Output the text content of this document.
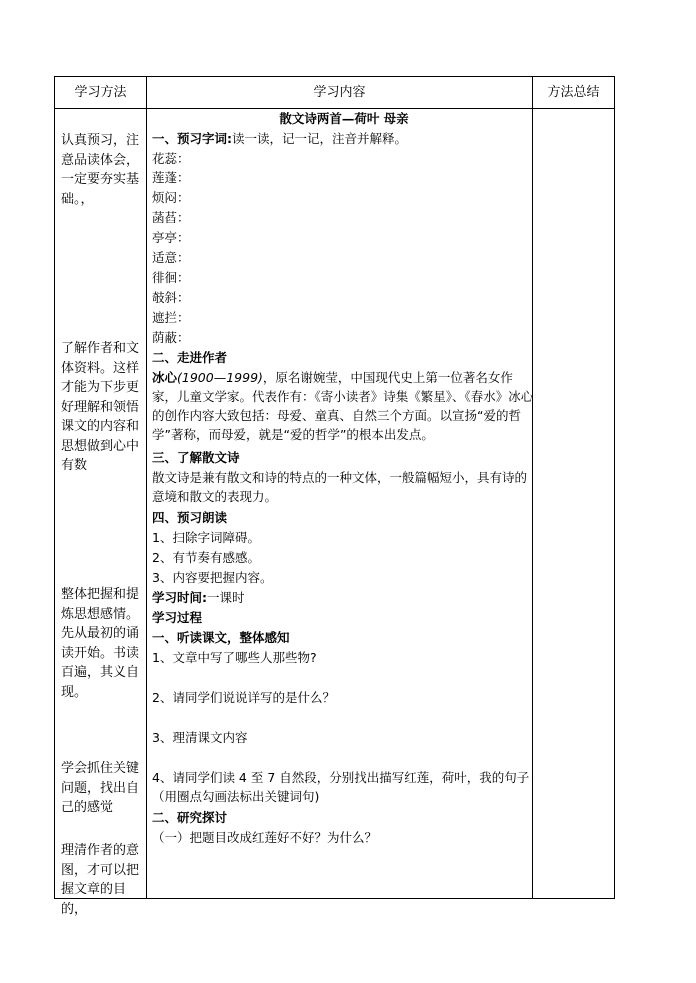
学习方法	学习内容	方法总结

认真预习，注意品读体会，一定要夯实基础。，

了解作者和文体资料。这样才能为下步更好理解和领悟课文的内容和思想做到心中有数

整体把握和提炼思想感情。先从最初的诵读开始。书读百遍，其义自现。

学会抓住关键问题，找出自己的感觉

理清作者的意图，才可以把握文章的目的，

散文诗两首—荷叶 母亲
一、预习字词:读一读，记一记，注音并解释。
花蕊：
莲蓬：
烦闷：
菡萏：
亭亭：
适意：
徘徊：
攲斜：
遮拦：
荫蔽：
二、走进作者
冰心(1900—1999)，原名谢婉莹，中国现代史上第一位著名女作家，儿童文学家。代表作有：《寄小读者》诗集《繁星》、《春水》冰心的创作内容大致包括：母爱、童真、自然三个方面。以宣扬“爱的哲学”著称，而母爱，就是“爱的哲学”的根本出发点。
三、了解散文诗
散文诗是兼有散文和诗的特点的一种文体，一般篇幅短小，具有诗的意境和散文的表现力。
四、预习朗读
1、扫除字词障碍。
2、有节奏有感感。
3、内容要把握内容。
学习时间:一课时
学习过程
一、听读课文，整体感知
1、文章中写了哪些人那些物?
2、请同学们说说详写的是什么？
3、理清课文内容
4、请同学们读 4 至 7 自然段，分别找出描写红莲，荷叶，我的句子（用圈点勾画法标出关键词句)
二、研究探讨
（一）把题目改成红莲好不好？为什么？
